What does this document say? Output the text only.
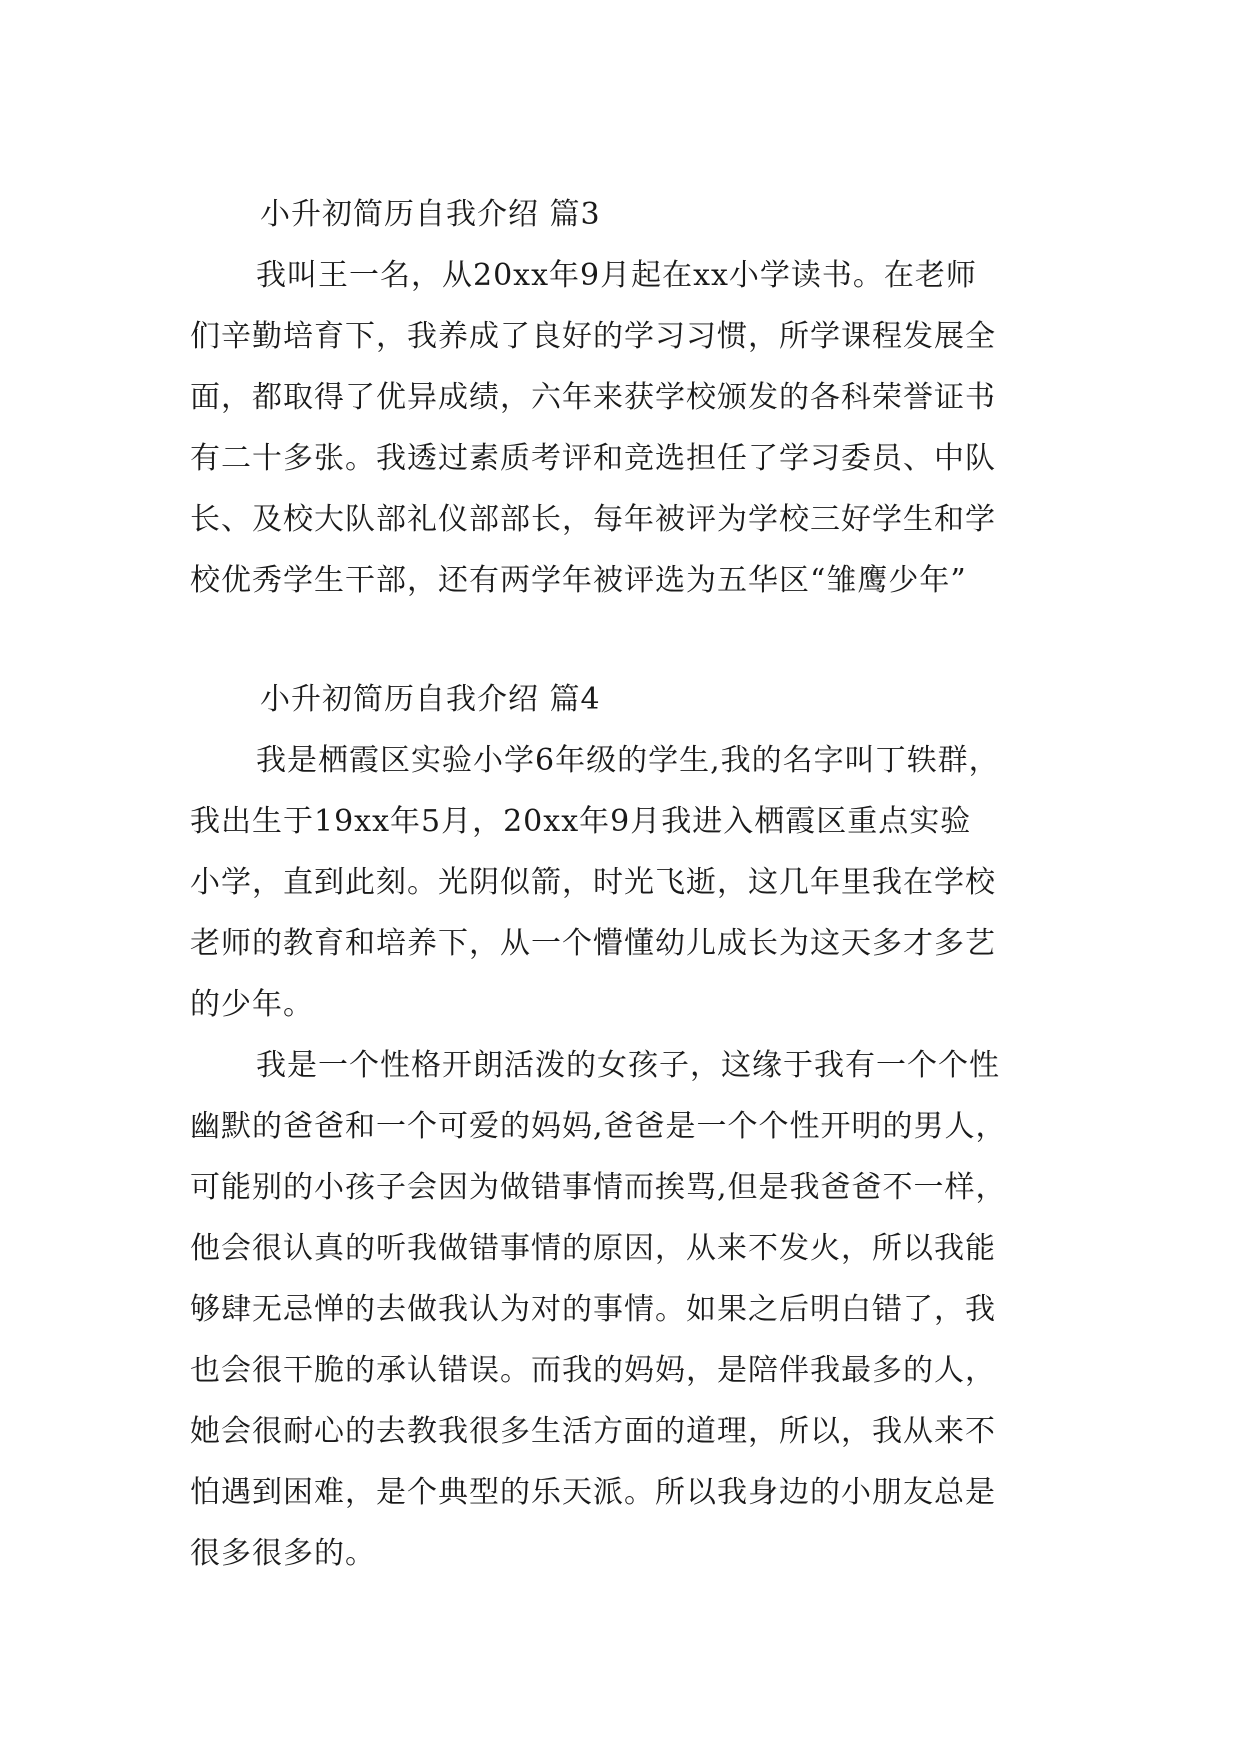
小升初简历自我介绍 篇3
我叫王一名，从20xx年9月起在xx小学读书。在老师
们辛勤培育下，我养成了良好的学习习惯，所学课程发展全
面，都取得了优异成绩，六年来获学校颁发的各科荣誉证书
有二十多张。我透过素质考评和竞选担任了学习委员、中队
长、及校大队部礼仪部部长，每年被评为学校三好学生和学
校优秀学生干部，还有两学年被评选为五华区“雏鹰少年”
小升初简历自我介绍 篇4
我是栖霞区实验小学6年级的学生,我的名字叫丁轶群，
我出生于19xx年5月，20xx年9月我进入栖霞区重点实验
小学，直到此刻。光阴似箭，时光飞逝，这几年里我在学校
老师的教育和培养下，从一个懵懂幼儿成长为这天多才多艺
的少年。
我是一个性格开朗活泼的女孩子，这缘于我有一个个性
幽默的爸爸和一个可爱的妈妈,爸爸是一个个性开明的男人，
可能别的小孩子会因为做错事情而挨骂,但是我爸爸不一样，
他会很认真的听我做错事情的原因，从来不发火，所以我能
够肆无忌惮的去做我认为对的事情。如果之后明白错了，我
也会很干脆的承认错误。而我的妈妈，是陪伴我最多的人，
她会很耐心的去教我很多生活方面的道理，所以，我从来不
怕遇到困难，是个典型的乐天派。所以我身边的小朋友总是
很多很多的。
